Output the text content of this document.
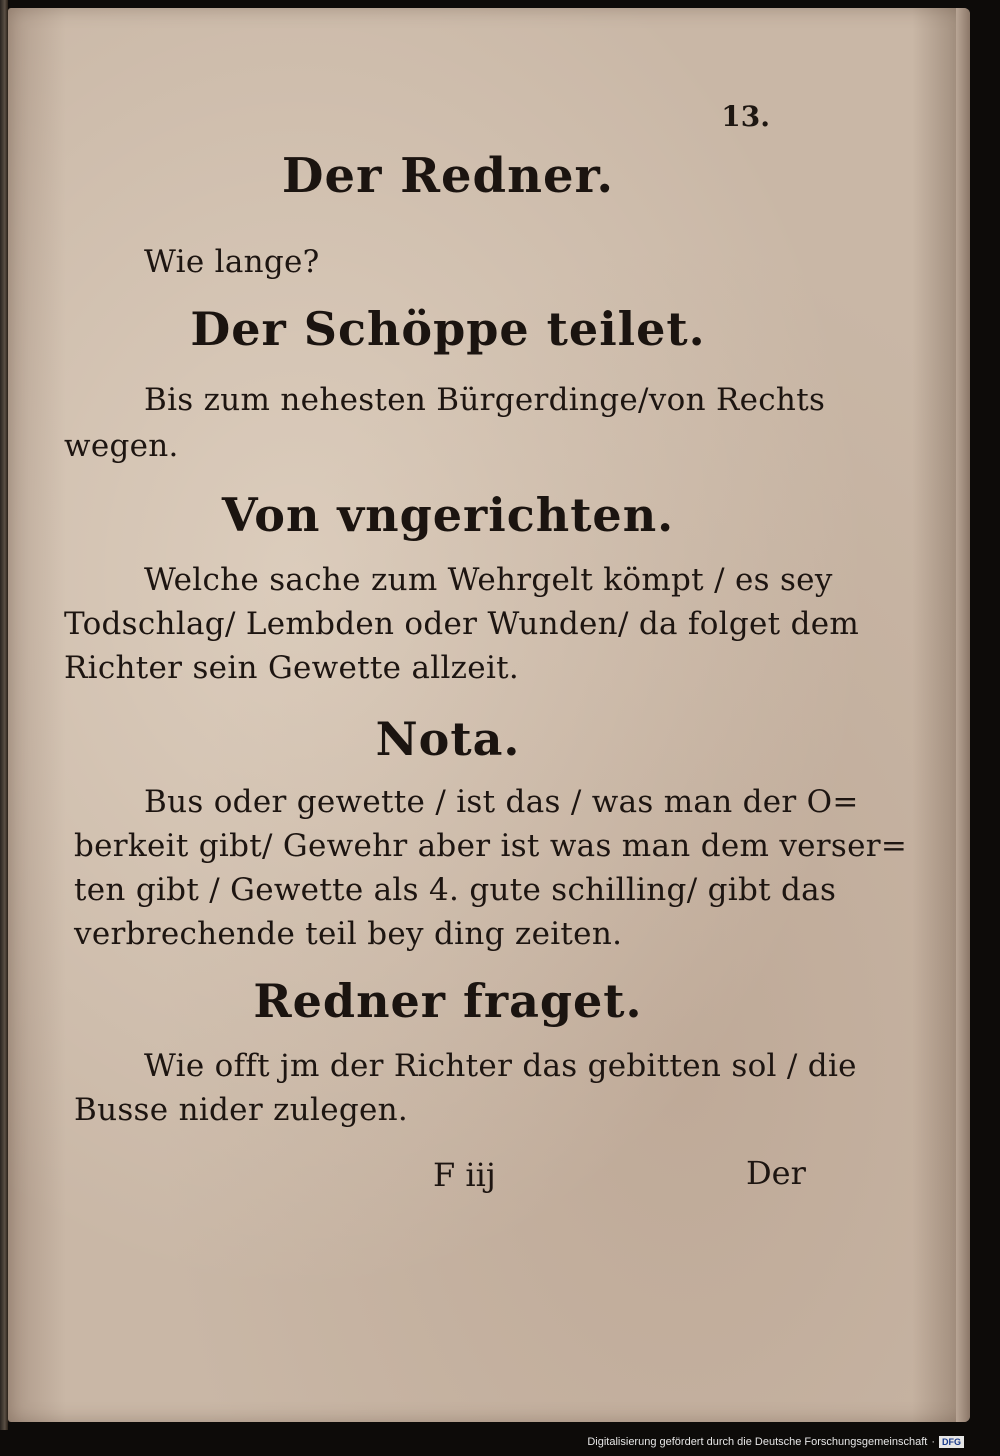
13.
Der Redner.
Wie lange?
Der Schöppe teilet.
Bis zum nehesten Bürgerdinge/von Rechts
wegen.
Von vngerichten.
Welche sache zum Wehrgelt kömpt / es sey
Todschlag/ Lembden oder Wunden/ da folget dem
Richter sein Gewette allzeit.
Nota.
Bus oder gewette / ist das / was man der O=
berkeit gibt/ Gewehr aber ist was man dem verser=
ten gibt / Gewette als 4. gute schilling/ gibt das
verbrechende teil bey ding zeiten.
Redner fraget.
Wie offt jm der Richter das gebitten sol / die
Busse nider zulegen.
F iij	Der
Digitalisierung gefördert durch die Deutsche Forschungsgemeinschaft · DFG
